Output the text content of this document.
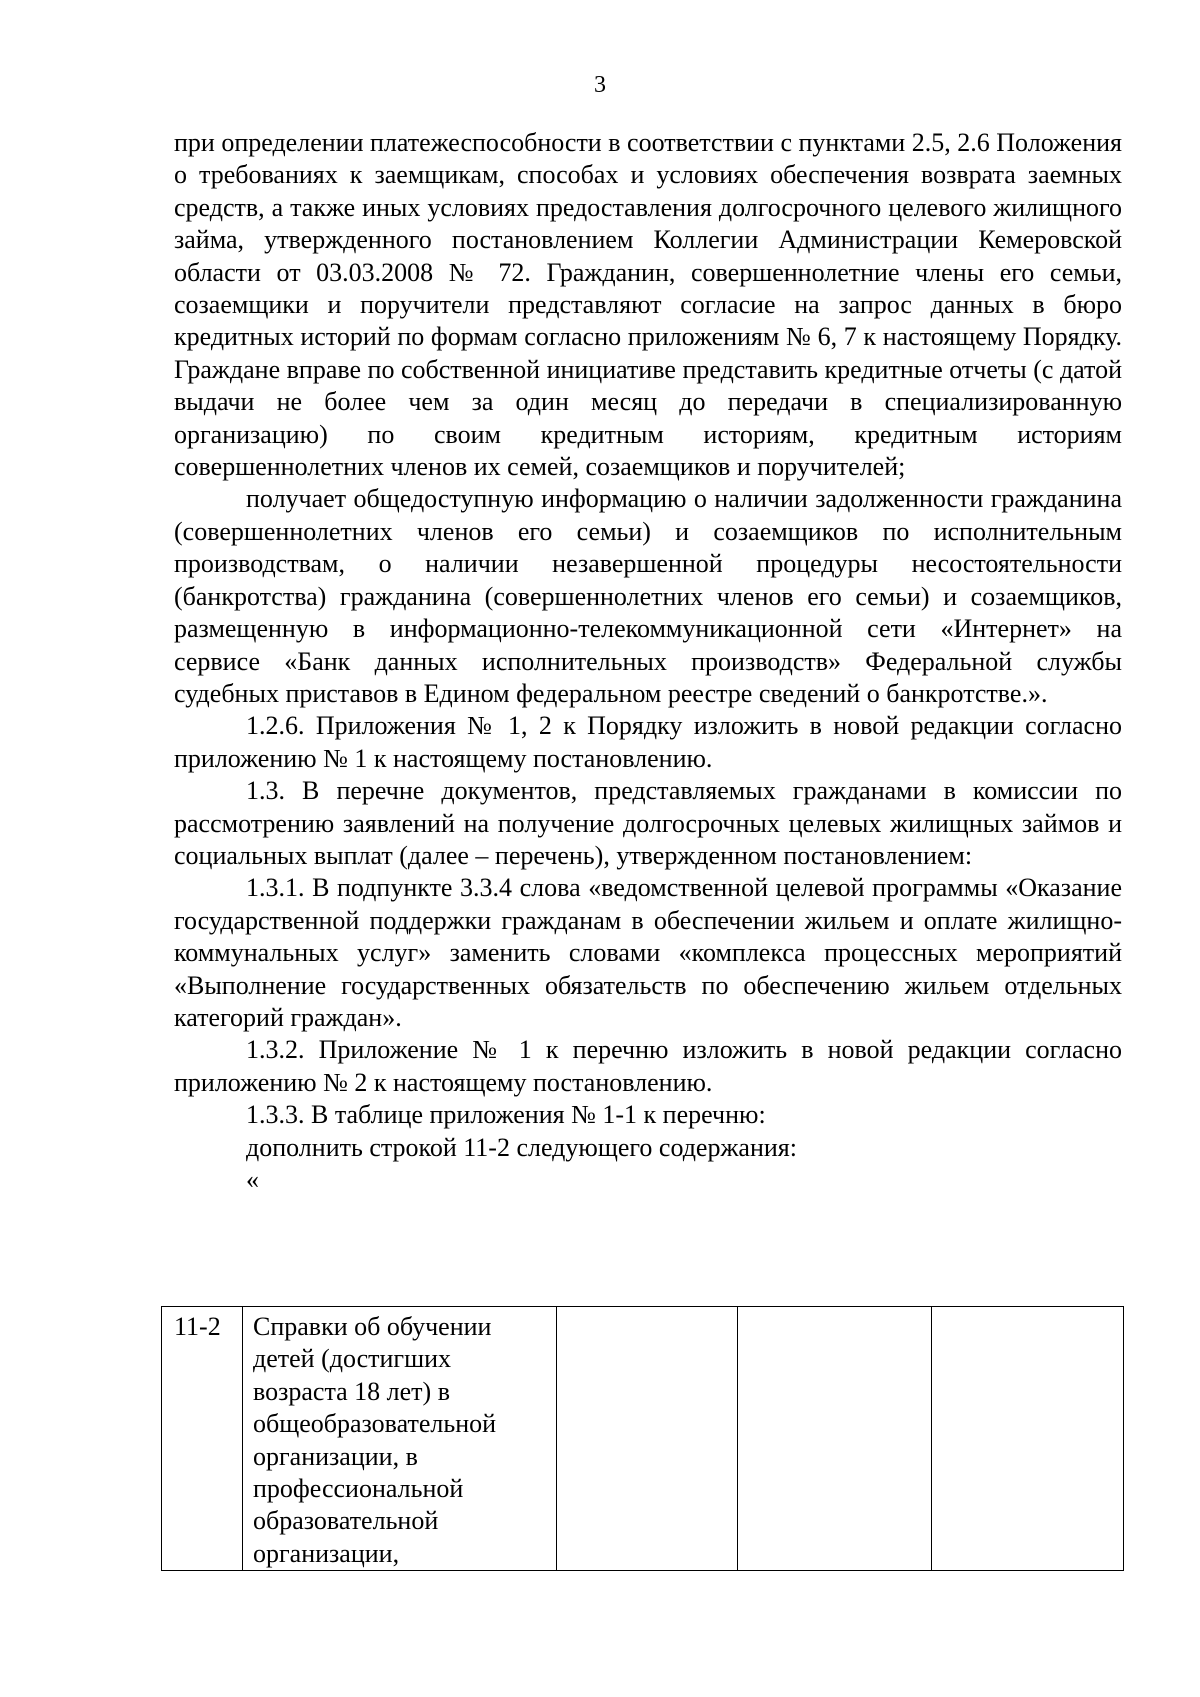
3

при определении платежеспособности в соответствии с пунктами 2.5, 2.6 Положения о требованиях к заемщикам, способах и условиях обеспечения возврата заемных средств, а также иных условиях предоставления долгосрочного целевого жилищного займа, утвержденного постановлением Коллегии Администрации Кемеровской области от 03.03.2008 № 72. Гражданин, совершеннолетние члены его семьи, созаемщики и поручители представляют согласие на запрос данных в бюро кредитных историй по формам согласно приложениям № 6, 7 к настоящему Порядку. Граждане вправе по собственной инициативе представить кредитные отчеты (с датой выдачи не более чем за один месяц до передачи в специализированную организацию) по своим кредитным историям, кредитным историям совершеннолетних членов их семей, созаемщиков и поручителей;

получает общедоступную информацию о наличии задолженности гражданина (совершеннолетних членов его семьи) и созаемщиков по исполнительным производствам, о наличии незавершенной процедуры несостоятельности (банкротства) гражданина (совершеннолетних членов его семьи) и созаемщиков, размещенную в информационно-телекоммуникационной сети «Интернет» на сервисе «Банк данных исполнительных производств» Федеральной службы судебных приставов в Едином федеральном реестре сведений о банкротстве.».

1.2.6. Приложения № 1, 2 к Порядку изложить в новой редакции согласно приложению № 1 к настоящему постановлению.

1.3. В перечне документов, представляемых гражданами в комиссии по рассмотрению заявлений на получение долгосрочных целевых жилищных займов и социальных выплат (далее – перечень), утвержденном постановлением:

1.3.1. В подпункте 3.3.4 слова «ведомственной целевой программы «Оказание государственной поддержки гражданам в обеспечении жильем и оплате жилищно-коммунальных услуг» заменить словами «комплекса процессных мероприятий «Выполнение государственных обязательств по обеспечению жильем отдельных категорий граждан».

1.3.2. Приложение № 1 к перечню изложить в новой редакции согласно приложению № 2 к настоящему постановлению.

1.3.3. В таблице приложения № 1-1 к перечню:

дополнить строкой 11-2 следующего содержания:

«

11-2	Справки об обучении детей (достигших возраста 18 лет) в общеобразовательной организации, в профессиональной образовательной организации,			
